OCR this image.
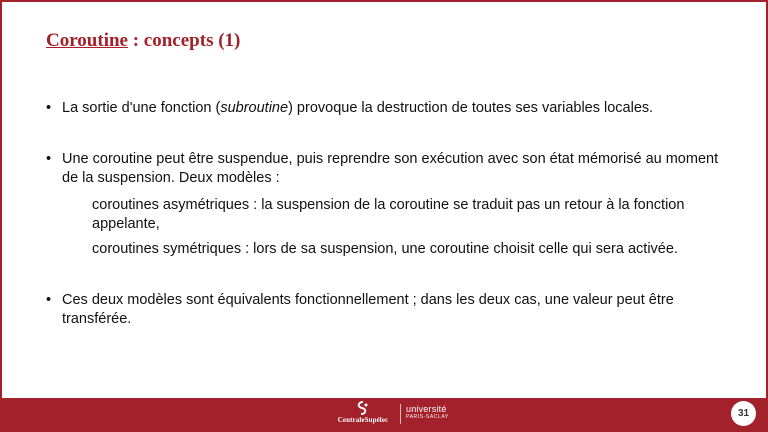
Coroutine : concepts (1)
• La sortie d'une fonction (subroutine) provoque la destruction de toutes ses variables locales.
• Une coroutine peut être suspendue, puis reprendre son exécution avec son état mémorisé au moment de la suspension. Deux modèles :
coroutines asymétriques : la suspension de la coroutine se traduit pas un retour à la fonction appelante,
coroutines symétriques : lors de sa suspension, une coroutine choisit celle qui sera activée.
• Ces deux modèles sont équivalents fonctionnellement ; dans les deux cas, une valeur peut être transférée.
CentraleSupélec
université
PARIS-SACLAY	31
